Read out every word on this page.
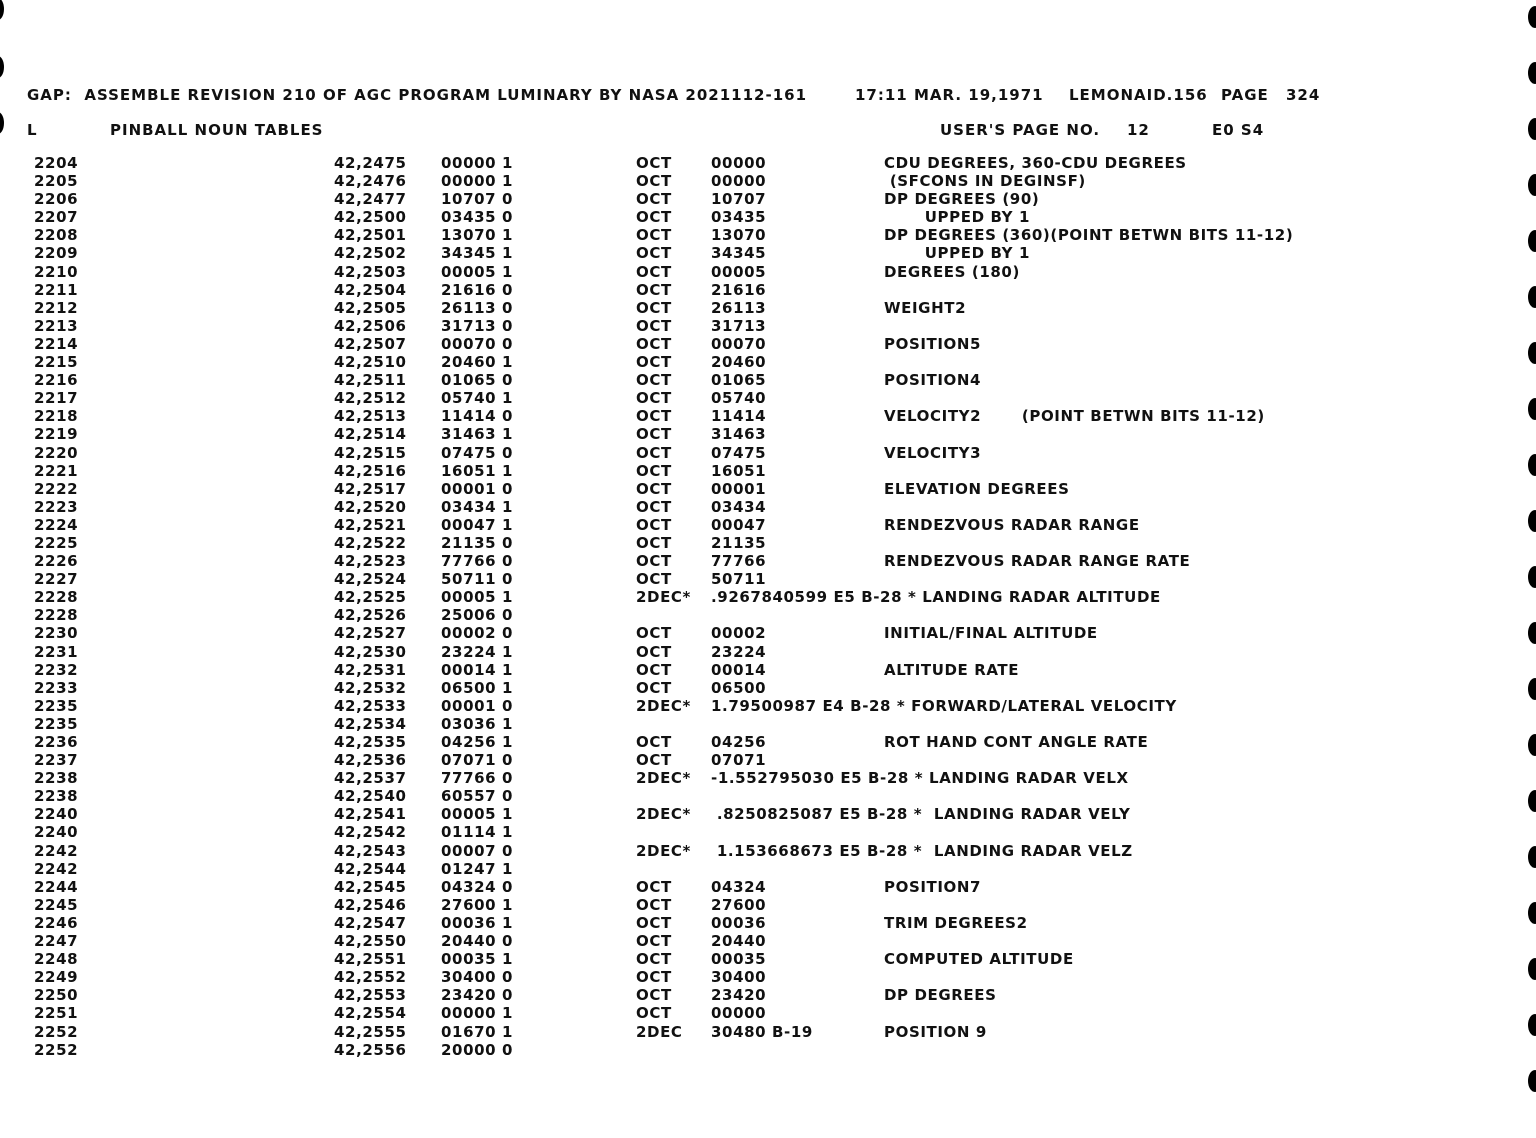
GAP:  ASSEMBLE REVISION 210 OF AGC PROGRAM LUMINARY BY NASA 2021112-161	17:11 MAR. 19,1971 LEMONAID.156 PAGE 324
L	PINBALL NOUN TABLES	USER'S PAGE NO. 12	E0 S4
2204	42,2475 00000 1	OCT	00000	CDU DEGREES, 360-CDU DEGREES
2205	42,2476 00000 1	OCT	00000	(SFCONS IN DEGINSF)
2206	42,2477 10707 0	OCT	10707	DP DEGREES (90)
2207	42,2500 03435 0	OCT	03435	UPPED BY 1
2208	42,2501 13070 1	OCT	13070	DP DEGREES (360)(POINT BETWN BITS 11-12)
2209	42,2502 34345 1	OCT	34345	UPPED BY 1
2210	42,2503 00005 1	OCT	00005	DEGREES (180)
2211	42,2504 21616 0	OCT	21616
2212	42,2505 26113 0	OCT	26113	WEIGHT2
2213	42,2506 31713 0	OCT	31713
2214	42,2507 00070 0	OCT	00070	POSITION5
2215	42,2510 20460 1	OCT	20460
2216	42,2511 01065 0	OCT	01065	POSITION4
2217	42,2512 05740 1	OCT	05740
2218	42,2513 11414 0	OCT	11414	VELOCITY2       (POINT BETWN BITS 11-12)
2219	42,2514 31463 1	OCT	31463
2220	42,2515 07475 0	OCT	07475	VELOCITY3
2221	42,2516 16051 1	OCT	16051
2222	42,2517 00001 0	OCT	00001	ELEVATION DEGREES
2223	42,2520 03434 1	OCT	03434
2224	42,2521 00047 1	OCT	00047	RENDEZVOUS RADAR RANGE
2225	42,2522 21135 0	OCT	21135
2226	42,2523 77766 0	OCT	77766	RENDEZVOUS RADAR RANGE RATE
2227	42,2524 50711 0	OCT	50711
2228	42,2525 00005 1	2DEC* .9267840599 E5 B-28 * LANDING RADAR ALTITUDE
2228	42,2526 25006 0
2230	42,2527 00002 0	OCT	00002	INITIAL/FINAL ALTITUDE
2231	42,2530 23224 1	OCT	23224
2232	42,2531 00014 1	OCT	00014	ALTITUDE RATE
2233	42,2532 06500 1	OCT	06500
2235	42,2533 00001 0	2DEC* 1.79500987 E4 B-28 * FORWARD/LATERAL VELOCITY
2235	42,2534 03036 1
2236	42,2535 04256 1	OCT	04256	ROT HAND CONT ANGLE RATE
2237	42,2536 07071 0	OCT	07071
2238	42,2537 77766 0	2DEC* -1.552795030 E5 B-28 * LANDING RADAR VELX
2238	42,2540 60557 0
2240	42,2541 00005 1	2DEC* .8250825087 E5 B-28 *  LANDING RADAR VELY
2240	42,2542 01114 1
2242	42,2543 00007 0	2DEC* 1.153668673 E5 B-28 *  LANDING RADAR VELZ
2242	42,2544 01247 1
2244	42,2545 04324 0	OCT	04324	POSITION7
2245	42,2546 27600 1	OCT	27600
2246	42,2547 00036 1	OCT	00036	TRIM DEGREES2
2247	42,2550 20440 0	OCT	20440
2248	42,2551 00035 1	OCT	00035	COMPUTED ALTITUDE
2249	42,2552 30400 0	OCT	30400
2250	42,2553 23420 0	OCT	23420	DP DEGREES
2251	42,2554 00000 1	OCT	00000
2252	42,2555 01670 1	2DEC 30480 B-19	POSITION 9
2252	42,2556 20000 0
